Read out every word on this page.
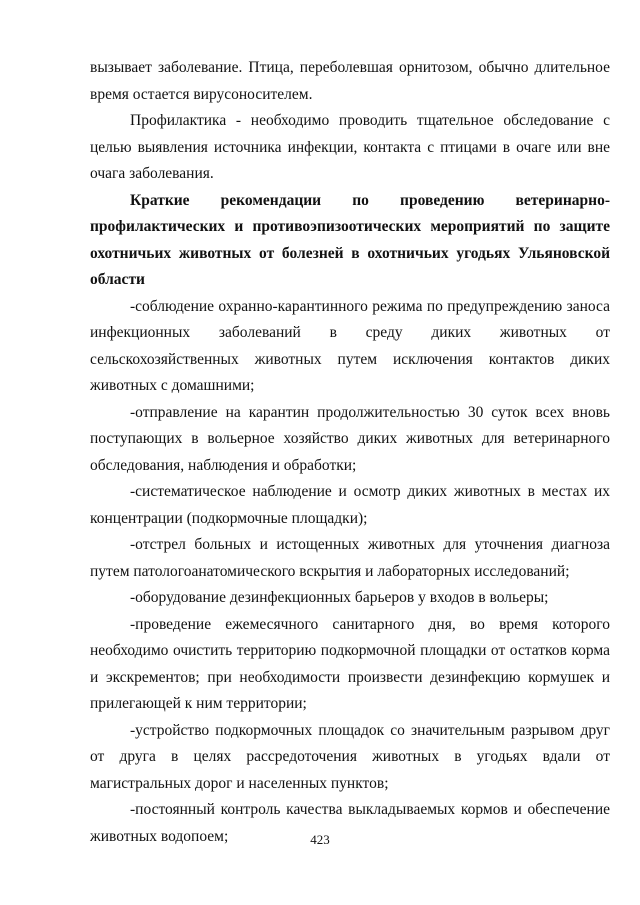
вызывает заболевание. Птица, переболевшая орнитозом, обычно длительное время остается вирусоносителем.

Профилактика - необходимо проводить тщательное обследование с целью выявления источника инфекции, контакта с птицами в очаге или вне очага заболевания.

Краткие рекомендации по проведению ветеринарно-профилактических и противоэпизоотических мероприятий по защите охотничьих животных от болезней в охотничьих угодьях Ульяновской области

-соблюдение охранно-карантинного режима по предупреждению заноса инфекционных заболеваний в среду диких животных от сельскохозяйственных животных путем исключения контактов диких животных с домашними;

-отправление на карантин продолжительностью 30 суток всех вновь поступающих в вольерное хозяйство диких животных для ветеринарного обследования, наблюдения и обработки;

-систематическое наблюдение и осмотр диких животных в местах их концентрации (подкормочные площадки);

-отстрел больных и истощенных животных для уточнения диагноза путем патологоанатомического вскрытия и лабораторных исследований;

-оборудование дезинфекционных барьеров у входов в вольеры;

-проведение ежемесячного санитарного дня, во время которого необходимо очистить территорию подкормочной площадки от остатков корма и экскрементов; при необходимости произвести дезинфекцию кормушек и прилегающей к ним территории;

-устройство подкормочных площадок со значительным разрывом друг от друга в целях рассредоточения животных в угодьях вдали от магистральных дорог и населенных пунктов;

-постоянный контроль качества выкладываемых кормов и обеспечение животных водопоем;	423
